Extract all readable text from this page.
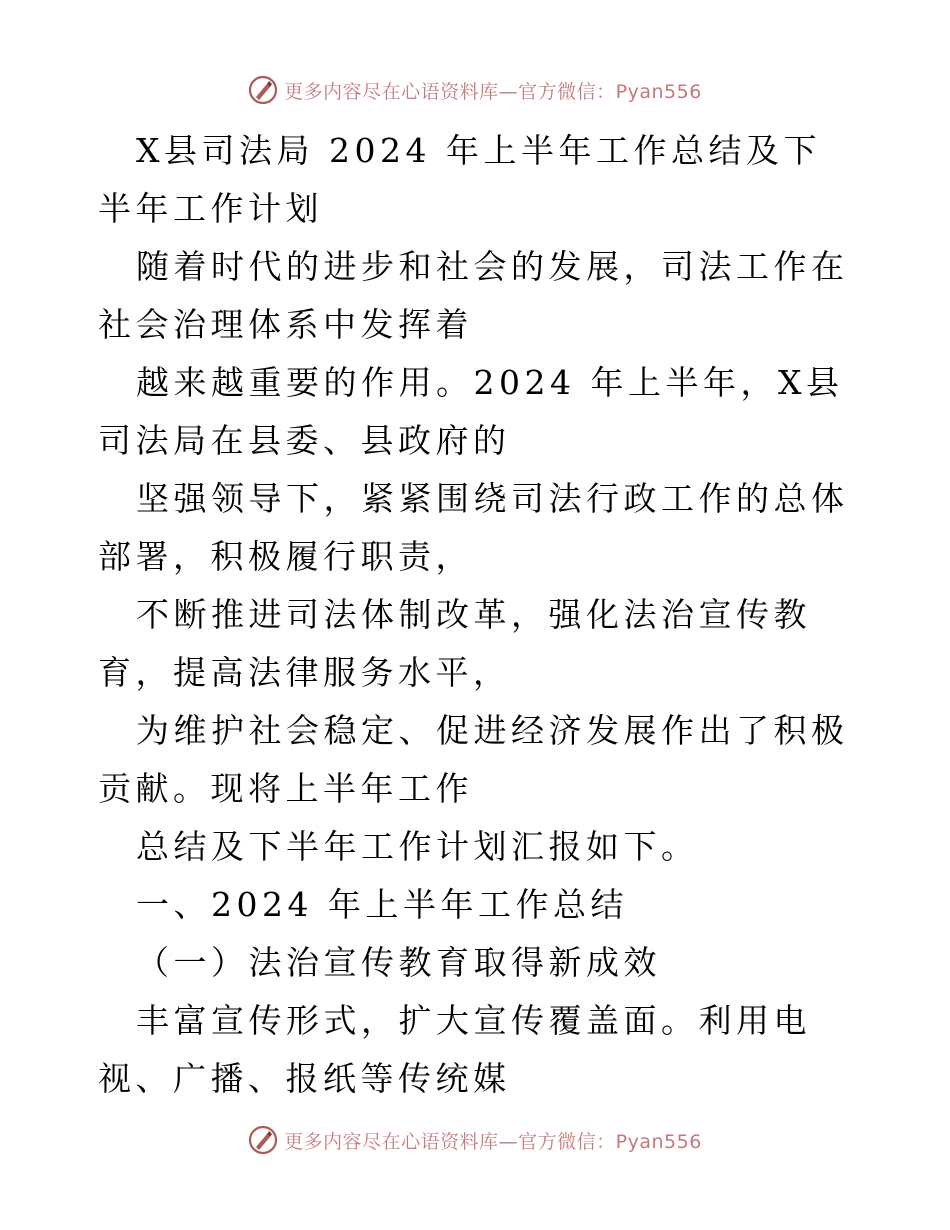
更多内容尽在心语资料库—官方微信：Pyan556

X县司法局 2024 年上半年工作总结及下半年工作计划

随着时代的进步和社会的发展，司法工作在社会治理体系中发挥着

越来越重要的作用。2024 年上半年，X县司法局在县委、县政府的

坚强领导下，紧紧围绕司法行政工作的总体部署，积极履行职责，

不断推进司法体制改革，强化法治宣传教育，提高法律服务水平，

为维护社会稳定、促进经济发展作出了积极贡献。现将上半年工作

总结及下半年工作计划汇报如下。

一、2024 年上半年工作总结

（一）法治宣传教育取得新成效

丰富宣传形式，扩大宣传覆盖面。利用电视、广播、报纸等传统媒

更多内容尽在心语资料库—官方微信：Pyan556
